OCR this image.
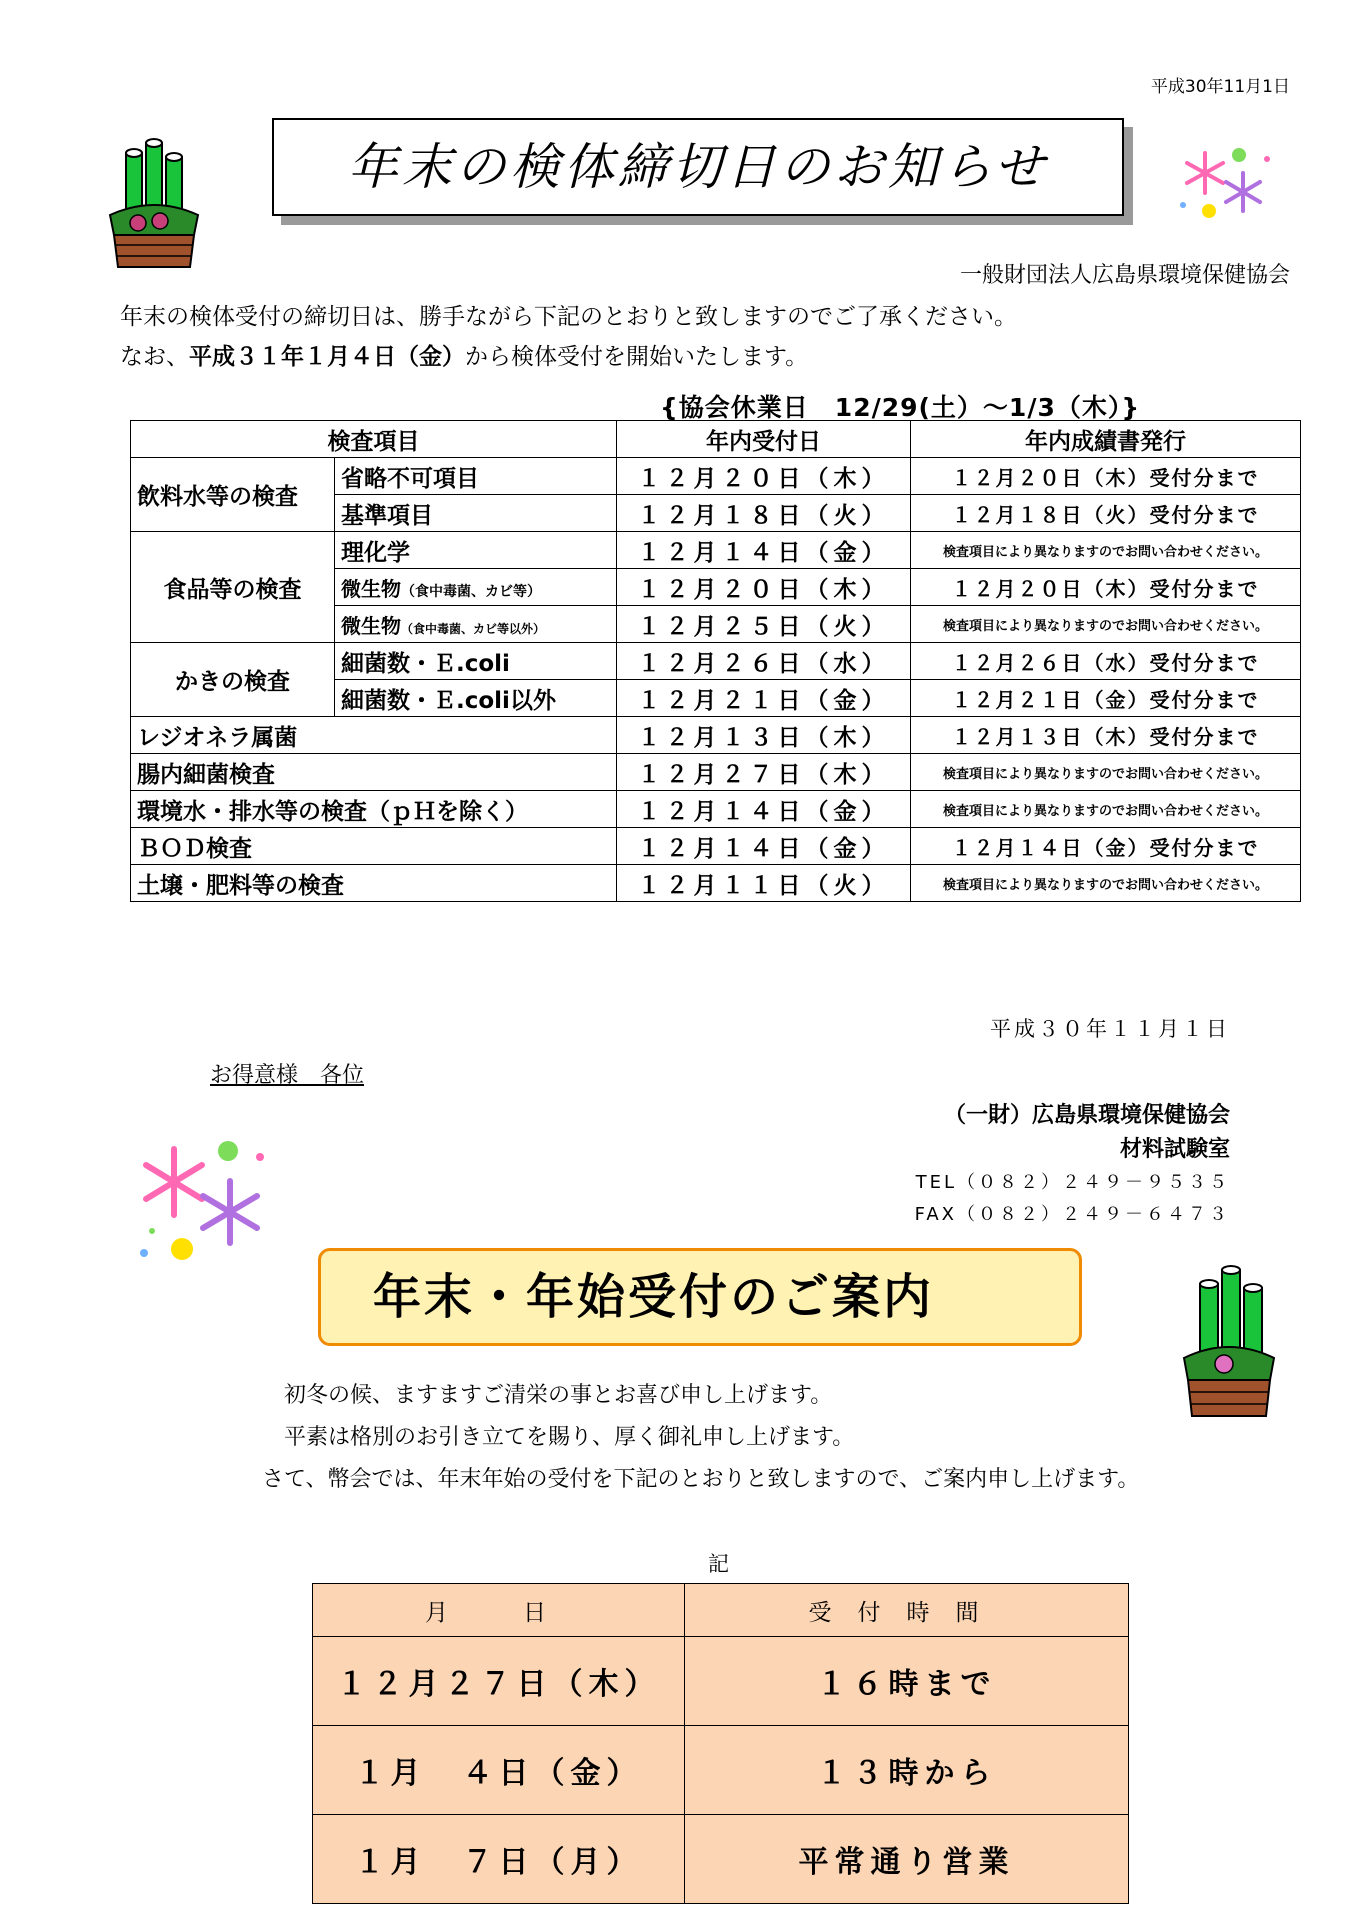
平成30年11月1日
年末の検体締切日のお知らせ
一般財団法人広島県環境保健協会
年末の検体受付の締切日は、勝手ながら下記のとおりと致しますのでご了承ください。
なお、平成３１年１月４日（金）から検体受付を開始いたします。
{協会休業日　12/29(土）～1/3（木）}
検査項目		年内受付日	年内成績書発行
飲料水等の検査	省略不可項目	１２月２０日（木）	１２月２０日（木）受付分まで
	基準項目	１２月１８日（火）	１２月１８日（火）受付分まで
食品等の検査	理化学	１２月１４日（金）	検査項目により異なりますのでお問い合わせください。
	微生物（食中毒菌、カビ等）	１２月２０日（木）	１２月２０日（木）受付分まで
	微生物（食中毒菌、カビ等以外）	１２月２５日（火）	検査項目により異なりますのでお問い合わせください。
かきの検査	細菌数・Ｅ.coli	１２月２６日（水）	１２月２６日（水）受付分まで
	細菌数・Ｅ.coli以外	１２月２１日（金）	１２月２１日（金）受付分まで
レジオネラ属菌		１２月１３日（木）	１２月１３日（木）受付分まで
腸内細菌検査		１２月２７日（木）	検査項目により異なりますのでお問い合わせください。
環境水・排水等の検査（ｐＨを除く）		１２月１４日（金）	検査項目により異なりますのでお問い合わせください。
ＢＯＤ検査		１２月１４日（金）	１２月１４日（金）受付分まで
土壌・肥料等の検査		１２月１１日（火）	検査項目により異なりますのでお問い合わせください。
平成３０年１１月１日
お得意様　各位
（一財）広島県環境保健協会
材料試験室
TEL（０８２）２４９－９５３５
FAX（０８２）２４９－６４７３
年末・年始受付のご案内
初冬の候、ますますご清栄の事とお喜び申し上げます。
平素は格別のお引き立てを賜り、厚く御礼申し上げます。
さて、幣会では、年末年始の受付を下記のとおりと致しますので、ご案内申し上げます。
記
月　日	受付時間
１２月２７日（木）	１６時まで
１月　４日（金）	１３時から
１月　７日（月）	平常通り営業
